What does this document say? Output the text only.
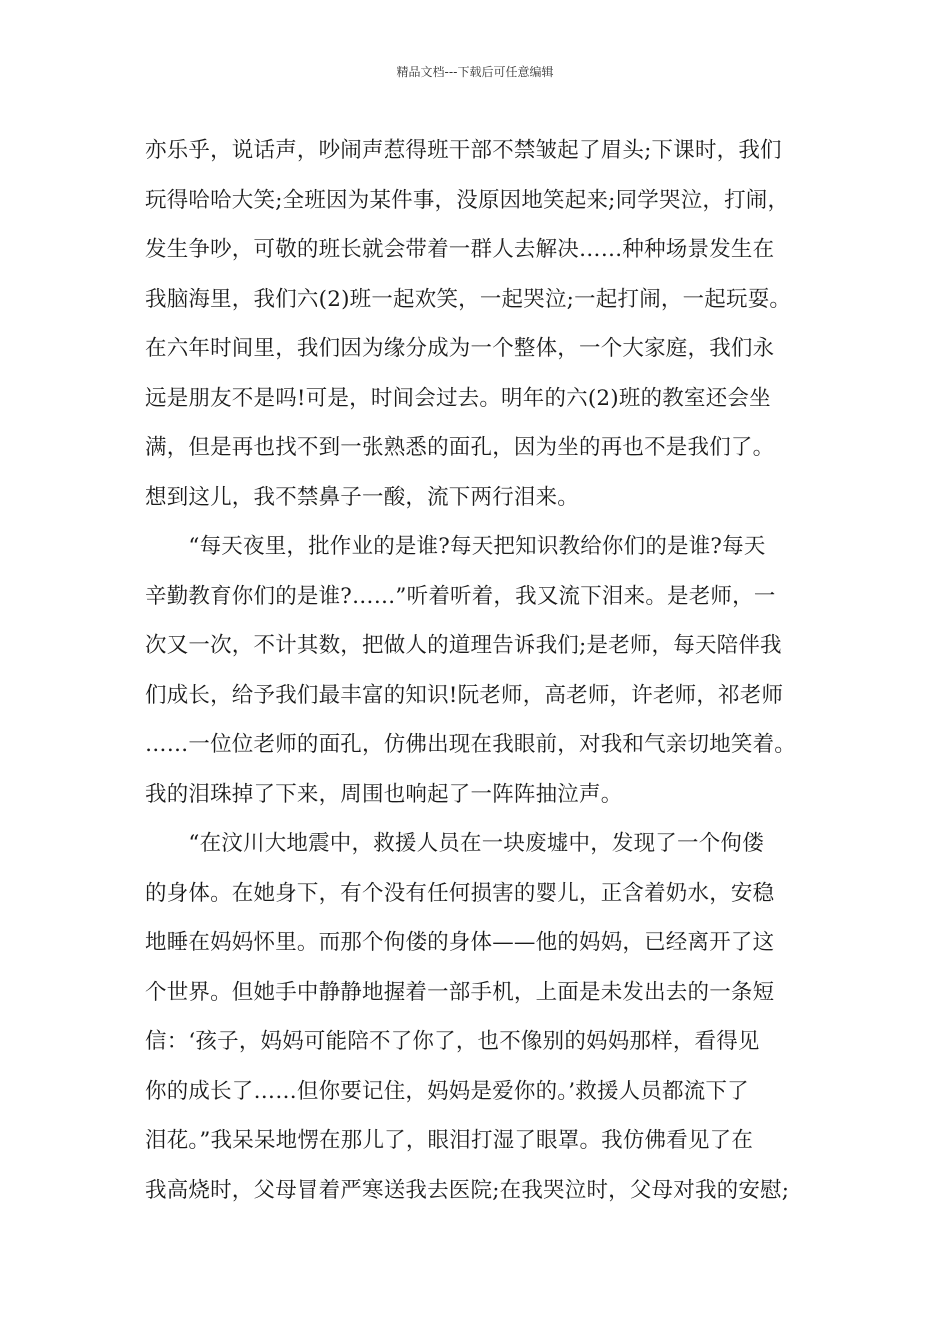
精品文档---下载后可任意编辑
亦乐乎，说话声，吵闹声惹得班干部不禁皱起了眉头;下课时，我们
玩得哈哈大笑;全班因为某件事，没原因地笑起来;同学哭泣，打闹，
发生争吵，可敬的班长就会带着一群人去解决……种种场景发生在
我脑海里，我们六(2)班一起欢笑，一起哭泣;一起打闹，一起玩耍。
在六年时间里，我们因为缘分成为一个整体，一个大家庭，我们永
远是朋友不是吗!可是，时间会过去。明年的六(2)班的教室还会坐
满，但是再也找不到一张熟悉的面孔，因为坐的再也不是我们了。
想到这儿，我不禁鼻子一酸，流下两行泪来。
　　“每天夜里，批作业的是谁?每天把知识教给你们的是谁?每天
辛勤教育你们的是谁?……”听着听着，我又流下泪来。是老师，一
次又一次，不计其数，把做人的道理告诉我们;是老师，每天陪伴我
们成长，给予我们最丰富的知识!阮老师，高老师，许老师，祁老师
……一位位老师的面孔，仿佛出现在我眼前，对我和气亲切地笑着。
我的泪珠掉了下来，周围也响起了一阵阵抽泣声。
　　“在汶川大地震中，救援人员在一块废墟中，发现了一个佝偻
的身体。在她身下，有个没有任何损害的婴儿，正含着奶水，安稳
地睡在妈妈怀里。而那个佝偻的身体——他的妈妈，已经离开了这
个世界。但她手中静静地握着一部手机，上面是未发出去的一条短
信：‘孩子，妈妈可能陪不了你了，也不像别的妈妈那样，看得见
你的成长了……但你要记住，妈妈是爱你的。’救援人员都流下了
泪花。”我呆呆地愣在那儿了，眼泪打湿了眼罩。我仿佛看见了在
我高烧时，父母冒着严寒送我去医院;在我哭泣时，父母对我的安慰;
